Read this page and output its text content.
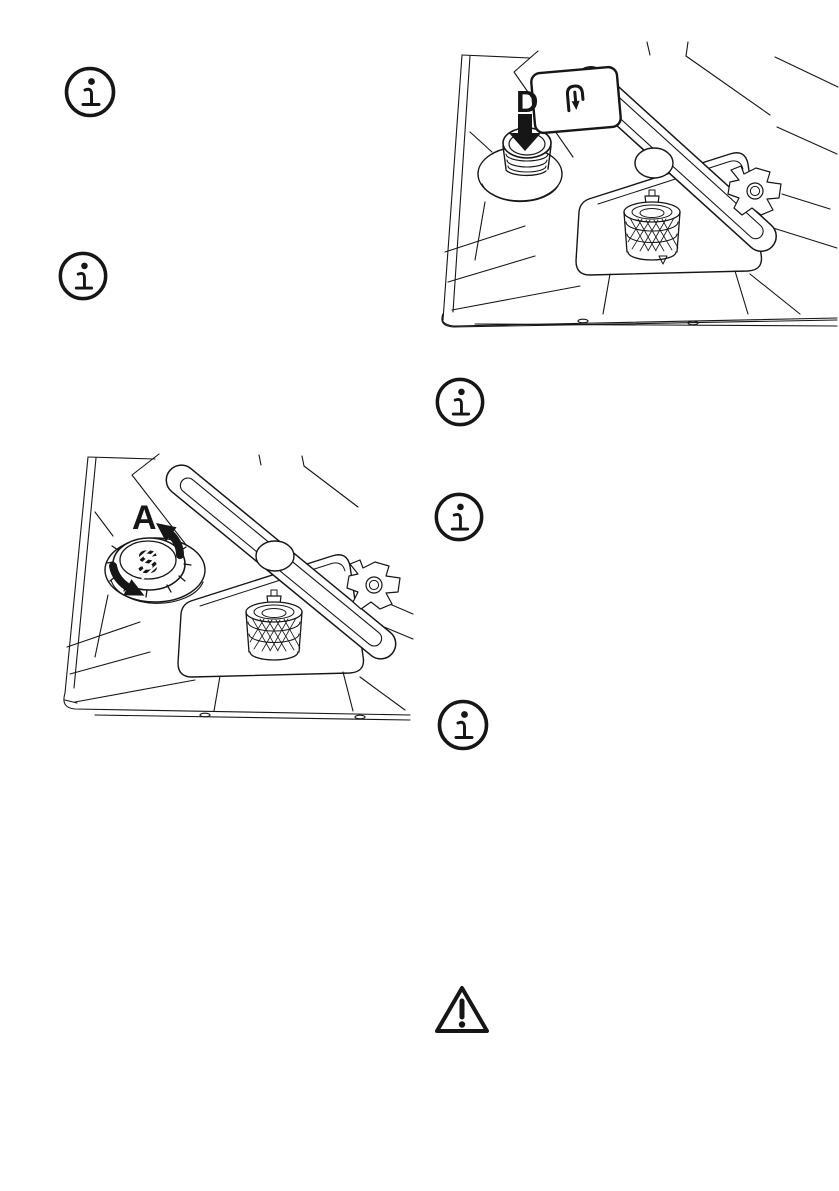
S
A
D
